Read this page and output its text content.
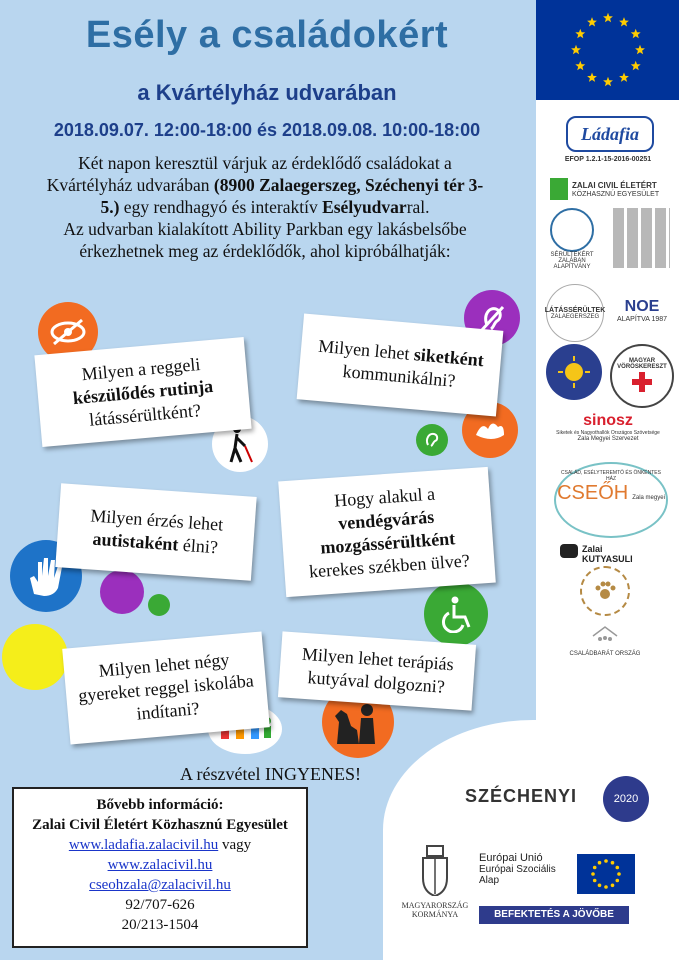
Esély a családokért
a Kvártélyház udvarában
2018.09.07. 12:00-18:00 és 2018.09.08. 10:00-18:00
Két napon keresztül várjuk az érdeklődő családokat a Kvártélyház udvarában (8900 Zalaegerszeg, Széchenyi tér 3-5.) egy rendhagyó és interaktív Esélyudvarral.
Az udvarban kialakított Ability Parkban egy lakásbelsőbe érkezhetnek meg az érdeklődők, ahol kipróbálhatják:
Milyen a reggeli készülődés rutinja látássérültként?
Milyen lehet siketként kommunikálni?
Milyen érzés lehet autistaként élni?
Hogy alakul a vendégvárás mozgássérültként kerekes székben ülve?
Milyen lehet négy gyereket reggel iskolába indítani?
Milyen lehet terápiás kutyával dolgozni?
A részvétel INGYENES!
Bővebb információ:
Zalai Civil Életért Közhasznú Egyesület
www.ladafia.zalacivil.hu vagy
www.zalacivil.hu
cseohzala@zalacivil.hu
92/707-626
20/213-1504
Ládafia
EFOP 1.2.1-15-2016-00251
ZALAI CIVIL ÉLETÉRT
KÖZHASZNÚ EGYESÜLET
SÉRÜLTEKÉRT ZALÁBAN ALAPÍTVÁNY
LÁTÁSSÉRÜLTEK
ZALAEGERSZEG
NOE
ALAPÍTVA 1987
MAGYAR VÖRÖSKERESZT
sinosz
Siketek és Nagyothallók Országos Szövetsége
Zala Megyei Szervezet
CSALÁD, ESÉLYTEREMTŐ ÉS ÖNKÉNTES HÁZ
CSEŐH Zala megyei
Zalai KUTYASULI
CSALÁDBARÁT ORSZÁG
SZÉCHENYI	2020
MAGYARORSZÁG
KORMÁNYA
Európai Unió
Európai Szociális
Alap
BEFEKTETÉS A JÖVŐBE
